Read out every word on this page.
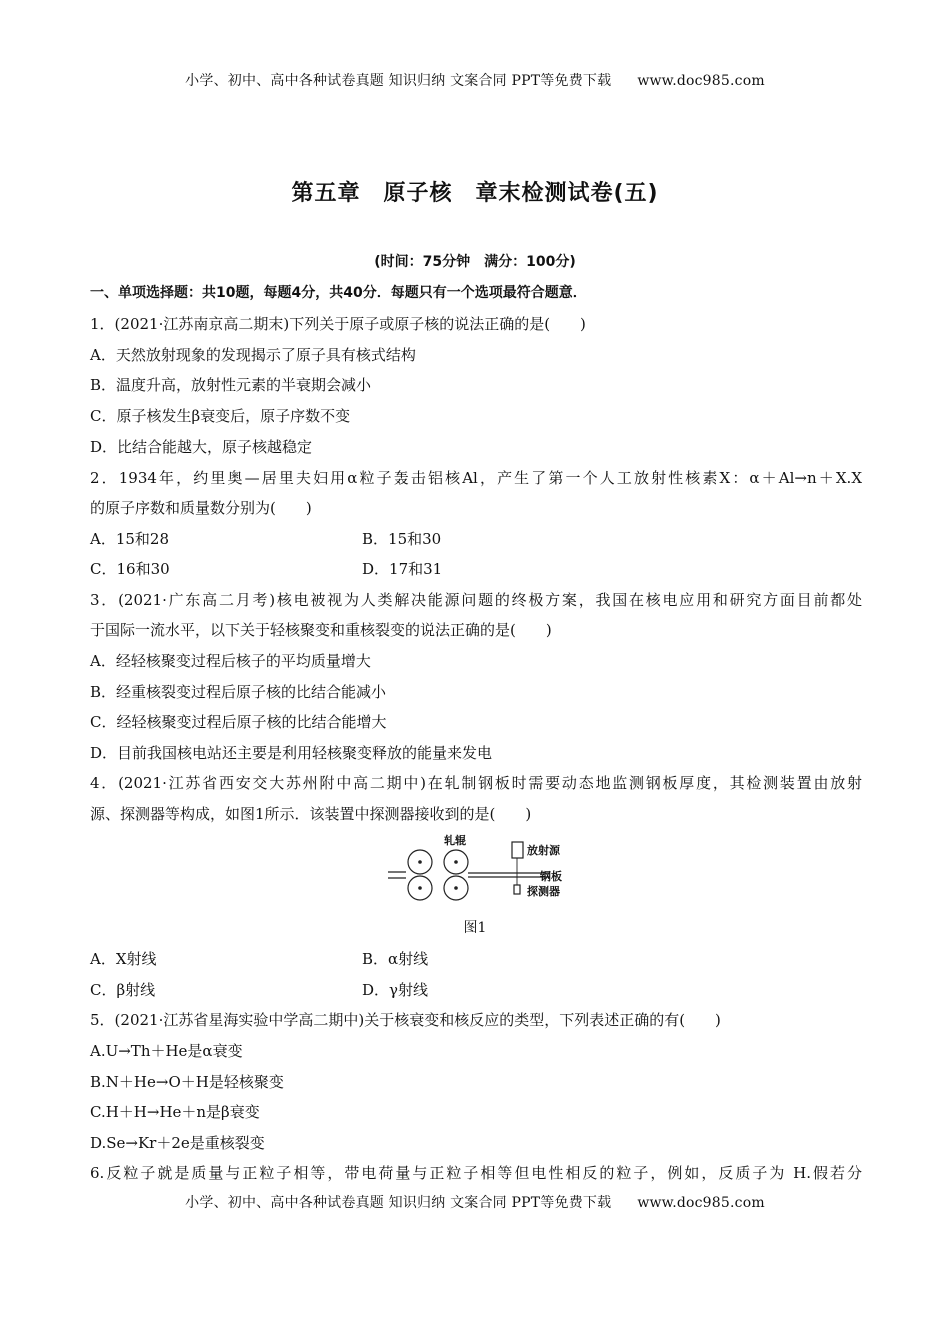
小学、初中、高中各种试卷真题 知识归纳 文案合同 PPT等免费下载 www.doc985.com
第五章　原子核　章末检测试卷(五)
(时间：75分钟　满分：100分)
一、单项选择题：共10题，每题4分，共40分．每题只有一个选项最符合题意．
1．(2021·江苏南京高二期末)下列关于原子或原子核的说法正确的是(　　)
A．天然放射现象的发现揭示了原子具有核式结构
B．温度升高，放射性元素的半衰期会减小
C．原子核发生β衰变后，原子序数不变
D．比结合能越大，原子核越稳定
2．1934年，约里奥—居里夫妇用α粒子轰击铝核Al，产生了第一个人工放射性核素X：α＋Al→n＋X.X
的原子序数和质量数分别为(　　)
A．15和28	B．15和30
C．16和30	D．17和31
3．(2021·广东高二月考)核电被视为人类解决能源问题的终极方案，我国在核电应用和研究方面目前都处
于国际一流水平，以下关于轻核聚变和重核裂变的说法正确的是(　　)
A．经轻核聚变过程后核子的平均质量增大
B．经重核裂变过程后原子核的比结合能减小
C．经轻核聚变过程后原子核的比结合能增大
D．目前我国核电站还主要是利用轻核聚变释放的能量来发电
4．(2021·江苏省西安交大苏州附中高二期中)在轧制钢板时需要动态地监测钢板厚度，其检测装置由放射
源、探测器等构成，如图1所示．该装置中探测器接收到的是(　　)
轧辊
放射源
钢板
探测器
图1
A．X射线	B．α射线
C．β射线	D．γ射线
5．(2021·江苏省星海实验中学高二期中)关于核衰变和核反应的类型，下列表述正确的有(　　)
A.U→Th＋He是α衰变
B.N＋He→O＋H是轻核聚变
C.H＋H→He＋n是β衰变
D.Se→Kr＋2e是重核裂变
6.反粒子就是质量与正粒子相等，带电荷量与正粒子相等但电性相反的粒子，例如，反质子为 H.假若分
小学、初中、高中各种试卷真题 知识归纳 文案合同 PPT等免费下载 www.doc985.com
